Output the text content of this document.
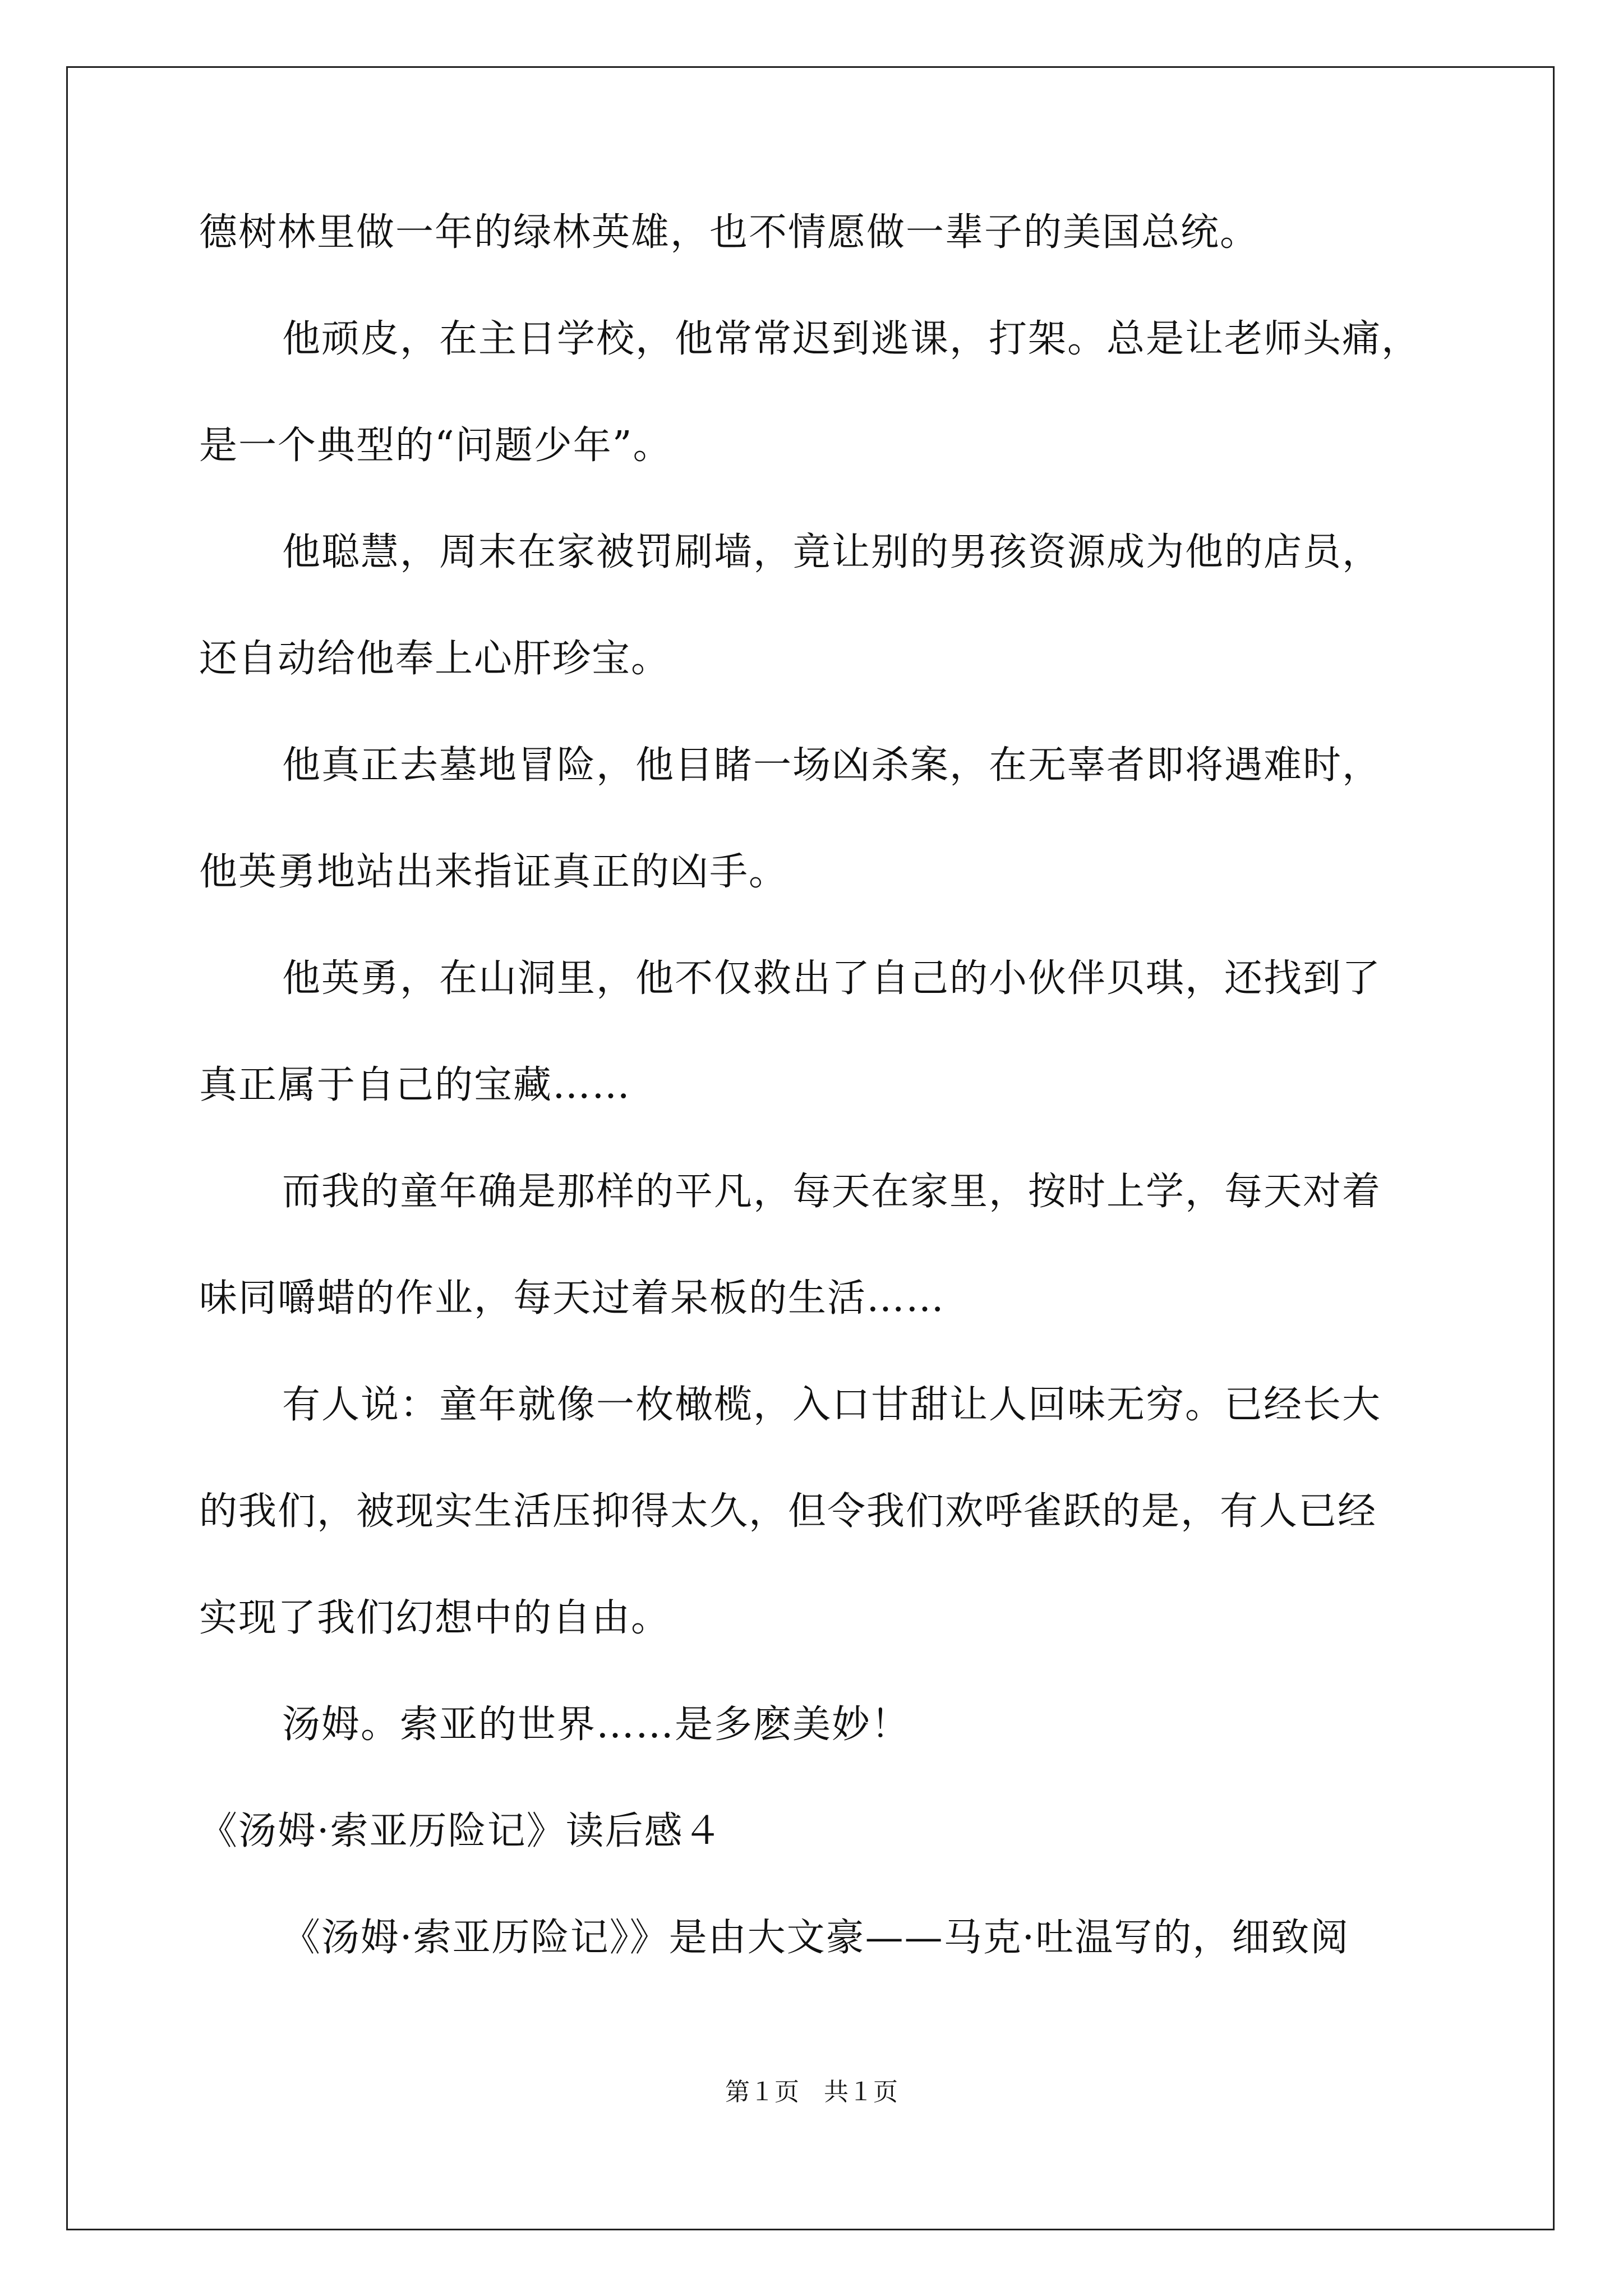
德树林里做一年的绿林英雄，也不情愿做一辈子的美国总统。
他顽皮，在主日学校，他常常迟到逃课，打架。总是让老师头痛，
是一个典型的“问题少年”。
他聪慧，周末在家被罚刷墙，竟让别的男孩资源成为他的店员，
还自动给他奉上心肝珍宝。
他真正去墓地冒险，他目睹一场凶杀案，在无辜者即将遇难时，
他英勇地站出来指证真正的凶手。
他英勇，在山洞里，他不仅救出了自己的小伙伴贝琪，还找到了
真正属于自己的宝藏……
而我的童年确是那样的平凡，每天在家里，按时上学，每天对着
味同嚼蜡的作业，每天过着呆板的生活……
有人说：童年就像一枚橄榄，入口甘甜让人回味无穷。已经长大
的我们，被现实生活压抑得太久，但令我们欢呼雀跃的是，有人已经
实现了我们幻想中的自由。
汤姆。索亚的世界……是多麽美妙！
《汤姆·索亚历险记》读后感４
《汤姆·索亚历险记》》是由大文豪——马克·吐温写的，细致阅
第１页　共１页
